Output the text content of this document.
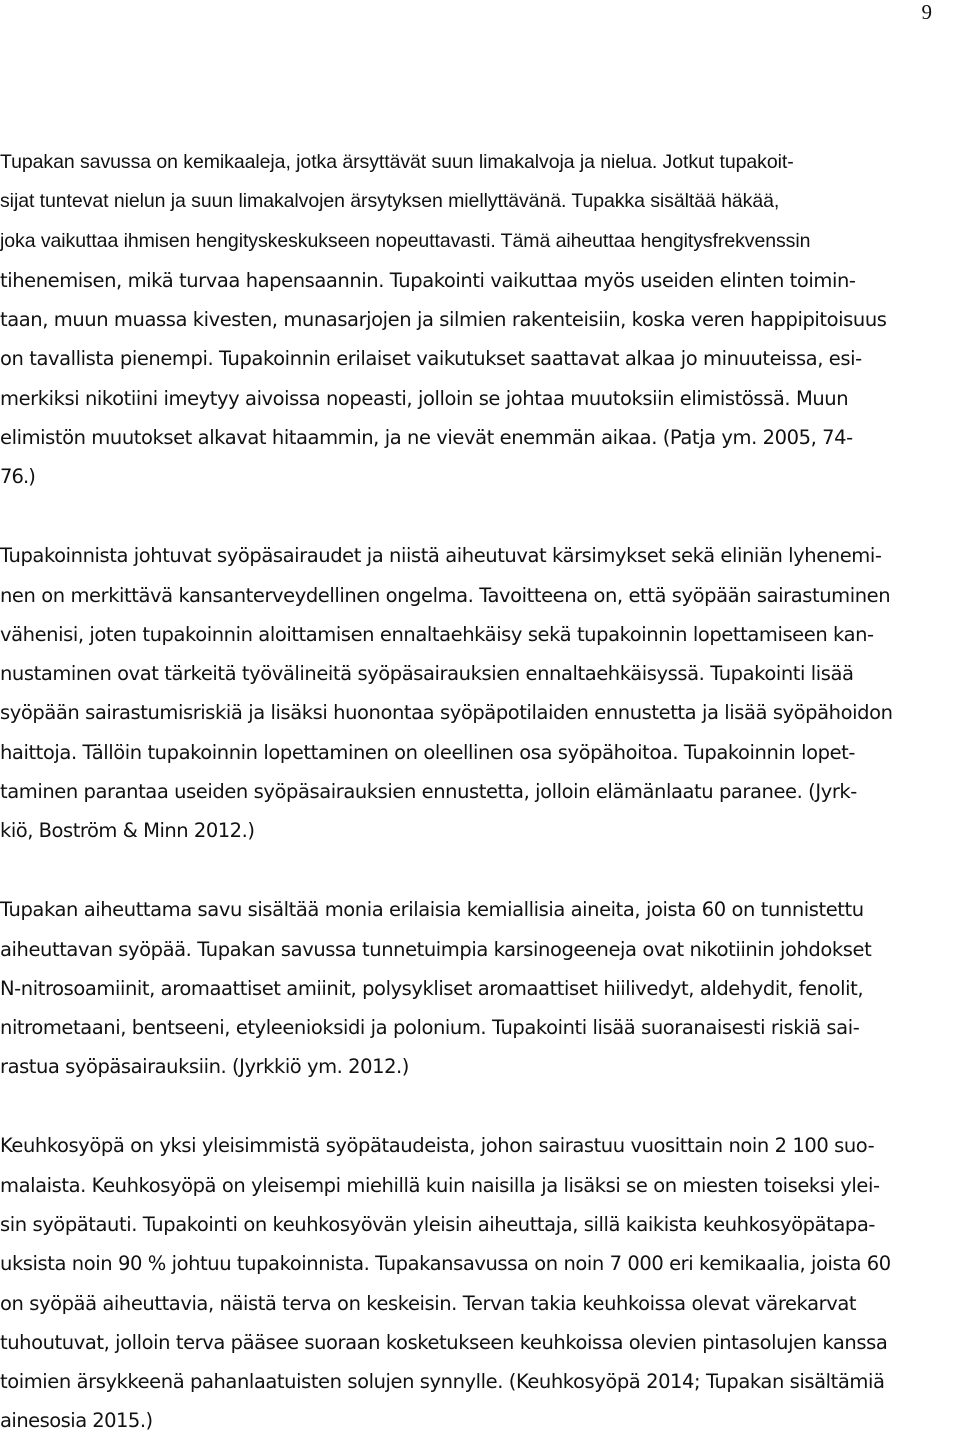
9
Tupakan savussa on kemikaaleja, jotka ärsyttävät suun limakalvoja ja nielua. Jotkut tupakoit-
sijat tuntevat nielun ja suun limakalvojen ärsytyksen miellyttävänä. Tupakka sisältää häkää,
joka vaikuttaa ihmisen hengityskeskukseen nopeuttavasti. Tämä aiheuttaa hengitysfrekvenssin
tihenemisen, mikä turvaa hapensaannin. Tupakointi vaikuttaa myös useiden elinten toimin-
taan, muun muassa kivesten, munasarjojen ja silmien rakenteisiin, koska veren happipitoisuus
on tavallista pienempi. Tupakoinnin erilaiset vaikutukset saattavat alkaa jo minuuteissa, esi-
merkiksi nikotiini imeytyy aivoissa nopeasti, jolloin se johtaa muutoksiin elimistössä. Muun
elimistön muutokset alkavat hitaammin, ja ne vievät enemmän aikaa. (Patja ym. 2005, 74-
76.)
Tupakoinnista johtuvat syöpäsairaudet ja niistä aiheutuvat kärsimykset sekä eliniän lyhenemi-
nen on merkittävä kansanterveydellinen ongelma. Tavoitteena on, että syöpään sairastuminen
vähenisi, joten tupakoinnin aloittamisen ennaltaehkäisy sekä tupakoinnin lopettamiseen kan-
nustaminen ovat tärkeitä työvälineitä syöpäsairauksien ennaltaehkäisyssä. Tupakointi lisää
syöpään sairastumisriskiä ja lisäksi huonontaa syöpäpotilaiden ennustetta ja lisää syöpähoidon
haittoja. Tällöin tupakoinnin lopettaminen on oleellinen osa syöpähoitoa. Tupakoinnin lopet-
taminen parantaa useiden syöpäsairauksien ennustetta, jolloin elämänlaatu paranee. (Jyrk-
kiö, Boström & Minn 2012.)
Tupakan aiheuttama savu sisältää monia erilaisia kemiallisia aineita, joista 60 on tunnistettu
aiheuttavan syöpää. Tupakan savussa tunnetuimpia karsinogeeneja ovat nikotiinin johdokset
N-nitrosoamiinit, aromaattiset amiinit, polysykliset aromaattiset hiilivedyt, aldehydit, fenolit,
nitrometaani, bentseeni, etyleenioksidi ja polonium. Tupakointi lisää suoranaisesti riskiä sai-
rastua syöpäsairauksiin. (Jyrkkiö ym. 2012.)
Keuhkosyöpä on yksi yleisimmistä syöpätaudeista, johon sairastuu vuosittain noin 2 100 suo-
malaista. Keuhkosyöpä on yleisempi miehillä kuin naisilla ja lisäksi se on miesten toiseksi ylei-
sin syöpätauti. Tupakointi on keuhkosyövän yleisin aiheuttaja, sillä kaikista keuhkosyöpätapa-
uksista noin 90 % johtuu tupakoinnista. Tupakansavussa on noin 7 000 eri kemikaalia, joista 60
on syöpää aiheuttavia, näistä terva on keskeisin. Tervan takia keuhkoissa olevat värekarvat
tuhoutuvat, jolloin terva pääsee suoraan kosketukseen keuhkoissa olevien pintasolujen kanssa
toimien ärsykkeenä pahanlaatuisten solujen synnylle. (Keuhkosyöpä 2014; Tupakan sisältämiä
ainesosia 2015.)
